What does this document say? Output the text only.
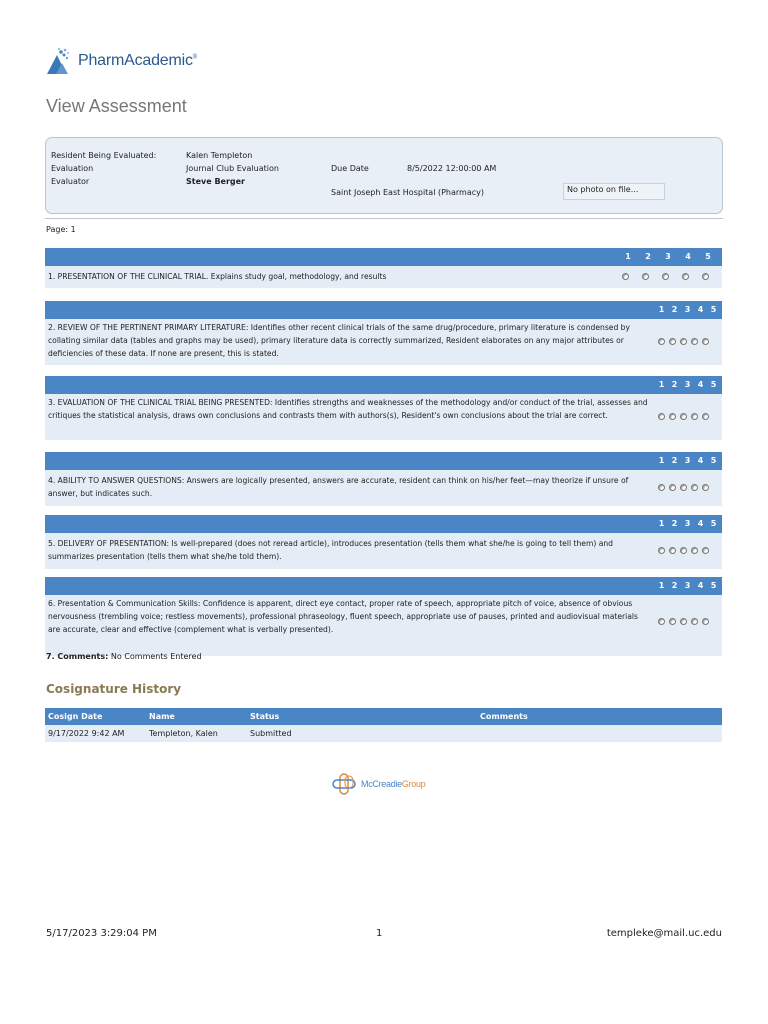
PharmAcademic®
View Assessment
Resident Being Evaluated:	Kalen Templeton
Evaluation	Journal Club Evaluation
Evaluator	Steve Berger
Due Date	8/5/2022 12:00:00 AM
Saint Joseph East Hospital (Pharmacy)	No photo on file...
Page: 1
1	2	3	4	5
1. PRESENTATION OF THE CLINICAL TRIAL. Explains study goal, methodology, and results
1 2 3 4 5
2. REVIEW OF THE PERTINENT PRIMARY LITERATURE: Identifies other recent clinical trials of the same drug/procedure, primary literature is condensed by collating similar data (tables and graphs may be used), primary literature data is correctly summarized, Resident elaborates on any major attributes or deficiencies of these data. If none are present, this is stated.
1 2 3 4 5
3. EVALUATION OF THE CLINICAL TRIAL BEING PRESENTED: Identifies strengths and weaknesses of the methodology and/or conduct of the trial, assesses and critiques the statistical analysis, draws own conclusions and contrasts them with authors(s), Resident's own conclusions about the trial are correct.
1 2 3 4 5
4. ABILITY TO ANSWER QUESTIONS: Answers are logically presented, answers are accurate, resident can think on his/her feet—may theorize if unsure of answer, but indicates such.
1 2 3 4 5
5. DELIVERY OF PRESENTATION: Is well-prepared (does not reread article), introduces presentation (tells them what she/he is going to tell them) and summarizes presentation (tells them what she/he told them).
1 2 3 4 5
6. Presentation & Communication Skills: Confidence is apparent, direct eye contact, proper rate of speech, appropriate pitch of voice, absence of obvious nervousness (trembling voice; restless movements), professional phraseology, fluent speech, appropriate use of pauses, printed and audiovisual materials are accurate, clear and effective (complement what is verbally presented).
7. Comments: No Comments Entered
Cosignature History
Cosign Date	Name	Status	Comments
9/17/2022 9:42 AM	Templeton, Kalen	Submitted
McCreadieGroup
5/17/2023 3:29:04 PM	1	templeke@mail.uc.edu
